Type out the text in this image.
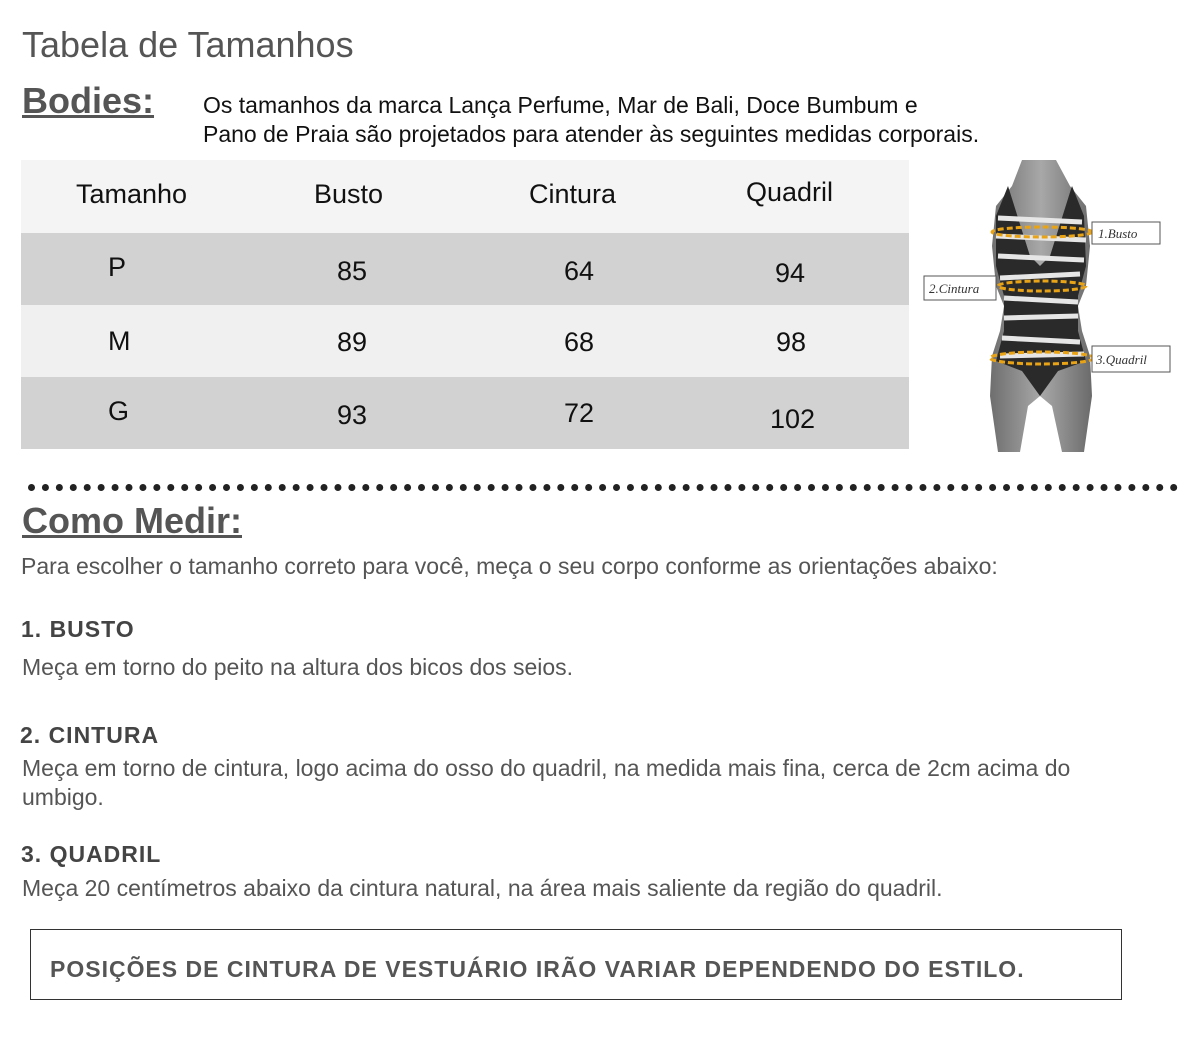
Tabela de Tamanhos
Bodies: Os tamanhos da marca Lança Perfume, Mar de Bali, Doce Bumbum e
Pano de Praia são projetados para atender às seguintes medidas corporais.
Tamanho	Busto	Cintura	Quadril
P	85	64	94
M	89	68	98
G	93	72	102
1.Busto
2.Cintura
3.Quadril
Como Medir:
Para escolher o tamanho correto para você, meça o seu corpo conforme as orientações abaixo:
1. BUSTO
Meça em torno do peito na altura dos bicos dos seios.
2. CINTURA
Meça em torno de cintura, logo acima do osso do quadril, na medida mais fina, cerca de 2cm acima do umbigo.
3. QUADRIL
Meça 20 centímetros abaixo da cintura natural, na área mais saliente da região do quadril.
POSIÇÕES DE CINTURA DE VESTUÁRIO IRÃO VARIAR DEPENDENDO DO ESTILO.
